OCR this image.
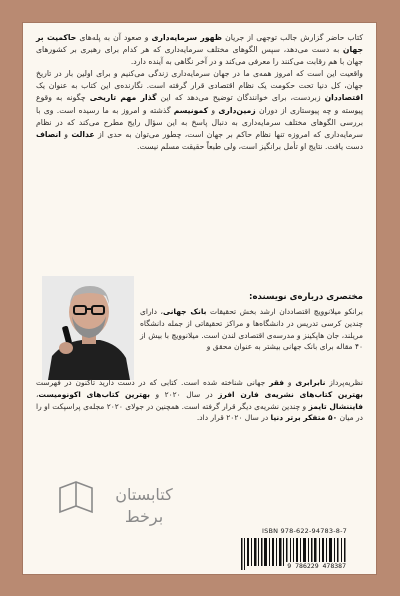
کتاب حاضر گزارش جالب توجهی از جریان ظهور سرمایه‌داری و صعود آن به پله‌های حاکمیت بر جهان به دست می‌دهد، سپس الگوهای مختلف سرمایه‌داری که هر کدام برای رهبری بر کشورهای جهان با هم رقابت می‌کنند را معرفی می‌کند و در آخر نگاهی به آینده دارد.

واقعیت این است که امروز همه‌ی ما در جهان سرمایه‌داری زندگی می‌کنیم و برای اولین بار در تاریخ جهان، کل دنیا تحت حکومت یک نظام اقتصادی قرار گرفته است. نگارنده‌ی این کتاب به عنوان یک اقتصاددان زبردست، برای خوانندگان توضیح می‌دهد که این گذار مهم تاریخی چگونه به وقوع پیوسته و چه پیوستاری از دوران زمین‌داری و کمونیسم گذشته و امروز به ما رسیده است. وی با بررسی الگوهای مختلف سرمایه‌داری به دنبال پاسخ به این سؤال رایج مطرح می‌کند که در نظام سرمایه‌داری که امروزه تنها نظام حاکم بر جهان است، چطور می‌توان به حدی از عدالت و انصاف دست یافت. نتایج او تأمل برانگیز است، ولی طبعاً حقیقت مسلم نیست.

مختصری درباره‌ی نویسنده:
برانکو میلانوویچ اقتصاددان ارشد بخش تحقیقات بانک جهانی، دارای چندین کرسی تدریس در دانشگاه‌ها و مراکز تحقیقاتی از جمله دانشگاه مریلند، جان هاپکینز و مدرسه‌ی اقتصادی لندن است. میلانوویچ با بیش از ۴۰ مقاله برای بانک جهانی بیشتر به عنوان محقق و
نظریه‌پرداز نابرابری و فقر جهانی شناخته شده است. کتابی که در دست دارید تاکنون در فهرست بهترین کتاب‌های نشریه‌ی فارن افرز در سال ۲۰۲۰ و بهترین کتاب‌های اکونومیست، فایننشال تایمز و چندین نشریه‌ی دیگر قرار گرفته است. همچنین در جولای ۲۰۲۰ مجله‌ی پراسپکت او را در میان ۵۰ متفکر برتر دنیا در سال ۲۰۲۰ قرار داد.
کتابستان
برخط
ISBN 978-622-94783-8-7
9 786229 478387
